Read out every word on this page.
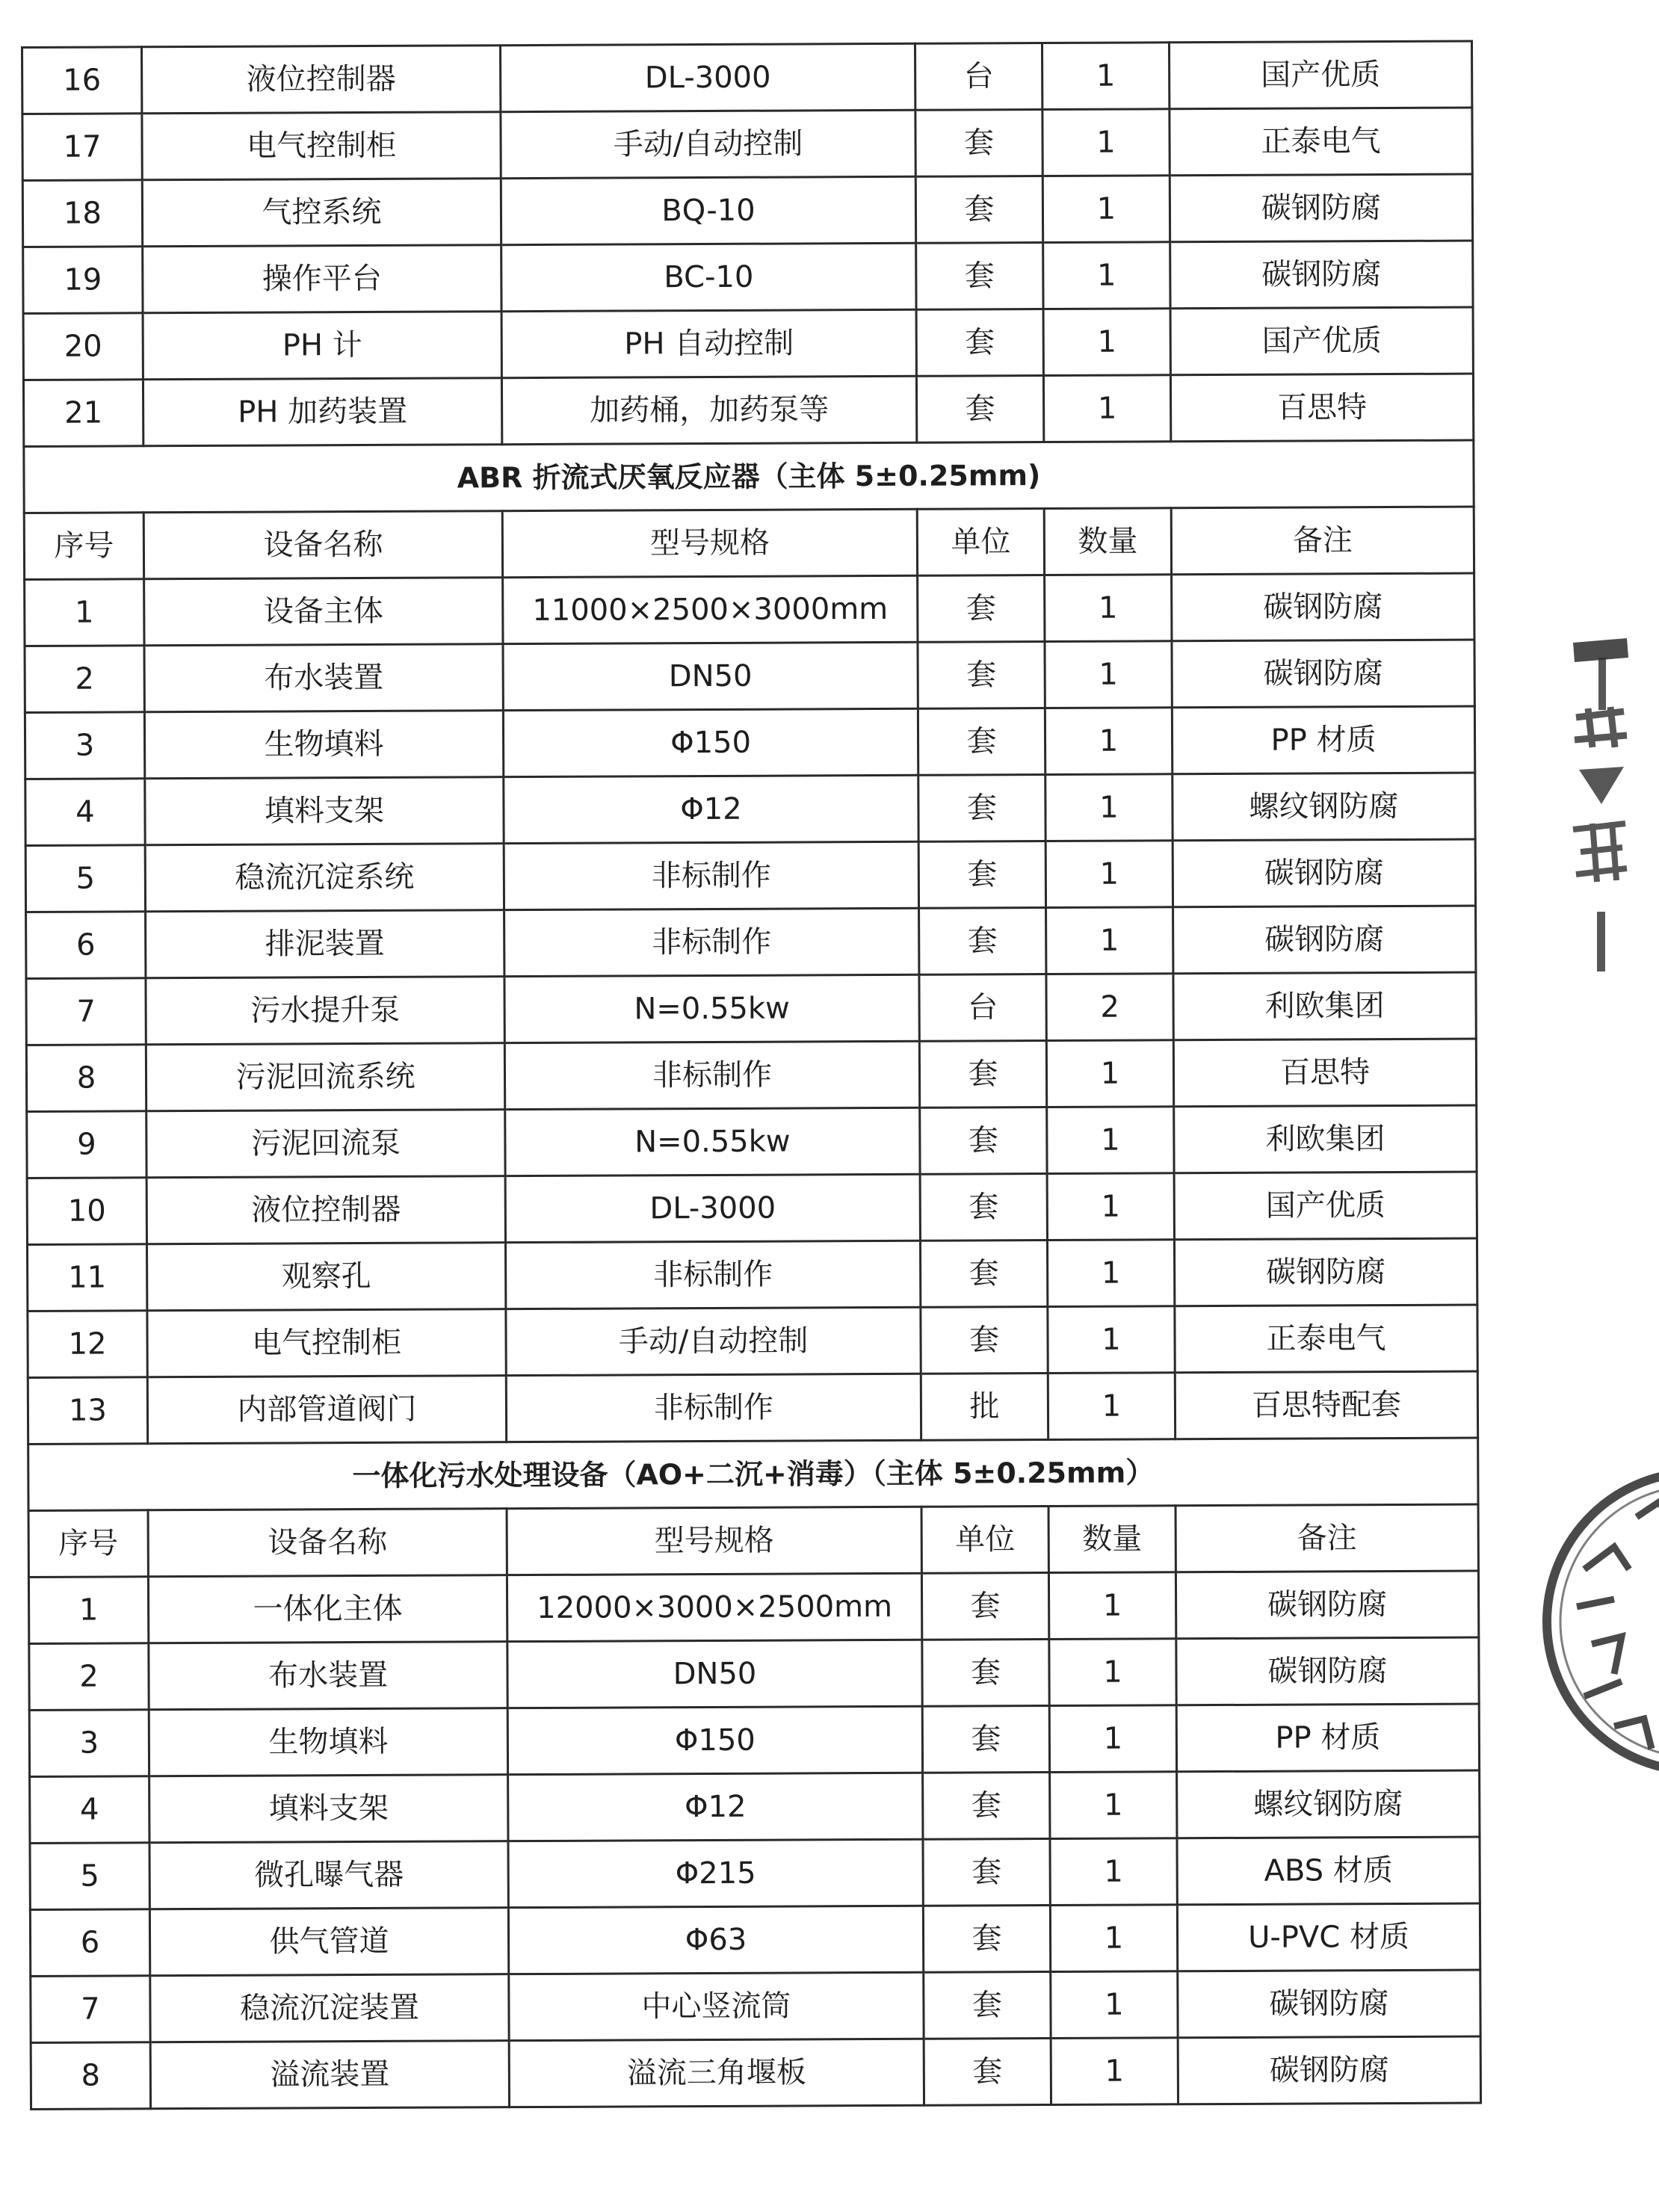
16	液位控制器	DL-3000	台	1	国产优质
17	电气控制柜	手动/自动控制	套	1	正泰电气
18	气控系统	BQ-10	套	1	碳钢防腐
19	操作平台	BC-10	套	1	碳钢防腐
20	PH 计	PH 自动控制	套	1	国产优质
21	PH 加药装置	加药桶，加药泵等	套	1	百思特
ABR 折流式厌氧反应器（主体 5±0.25mm)					
序号	设备名称	型号规格	单位	数量	备注
1	设备主体	11000×2500×3000mm	套	1	碳钢防腐
2	布水装置	DN50	套	1	碳钢防腐
3	生物填料	Φ150	套	1	PP 材质
4	填料支架	Φ12	套	1	螺纹钢防腐
5	稳流沉淀系统	非标制作	套	1	碳钢防腐
6	排泥装置	非标制作	套	1	碳钢防腐
7	污水提升泵	N=0.55kw	台	2	利欧集团
8	污泥回流系统	非标制作	套	1	百思特
9	污泥回流泵	N=0.55kw	套	1	利欧集团
10	液位控制器	DL-3000	套	1	国产优质
11	观察孔	非标制作	套	1	碳钢防腐
12	电气控制柜	手动/自动控制	套	1	正泰电气
13	内部管道阀门	非标制作	批	1	百思特配套
一体化污水处理设备（AO+二沉+消毒）（主体 5±0.25mm）					
序号	设备名称	型号规格	单位	数量	备注
1	一体化主体	12000×3000×2500mm	套	1	碳钢防腐
2	布水装置	DN50	套	1	碳钢防腐
3	生物填料	Φ150	套	1	PP 材质
4	填料支架	Φ12	套	1	螺纹钢防腐
5	微孔曝气器	Φ215	套	1	ABS 材质
6	供气管道	Φ63	套	1	U-PVC 材质
7	稳流沉淀装置	中心竖流筒	套	1	碳钢防腐
8	溢流装置	溢流三角堰板	套	1	碳钢防腐
